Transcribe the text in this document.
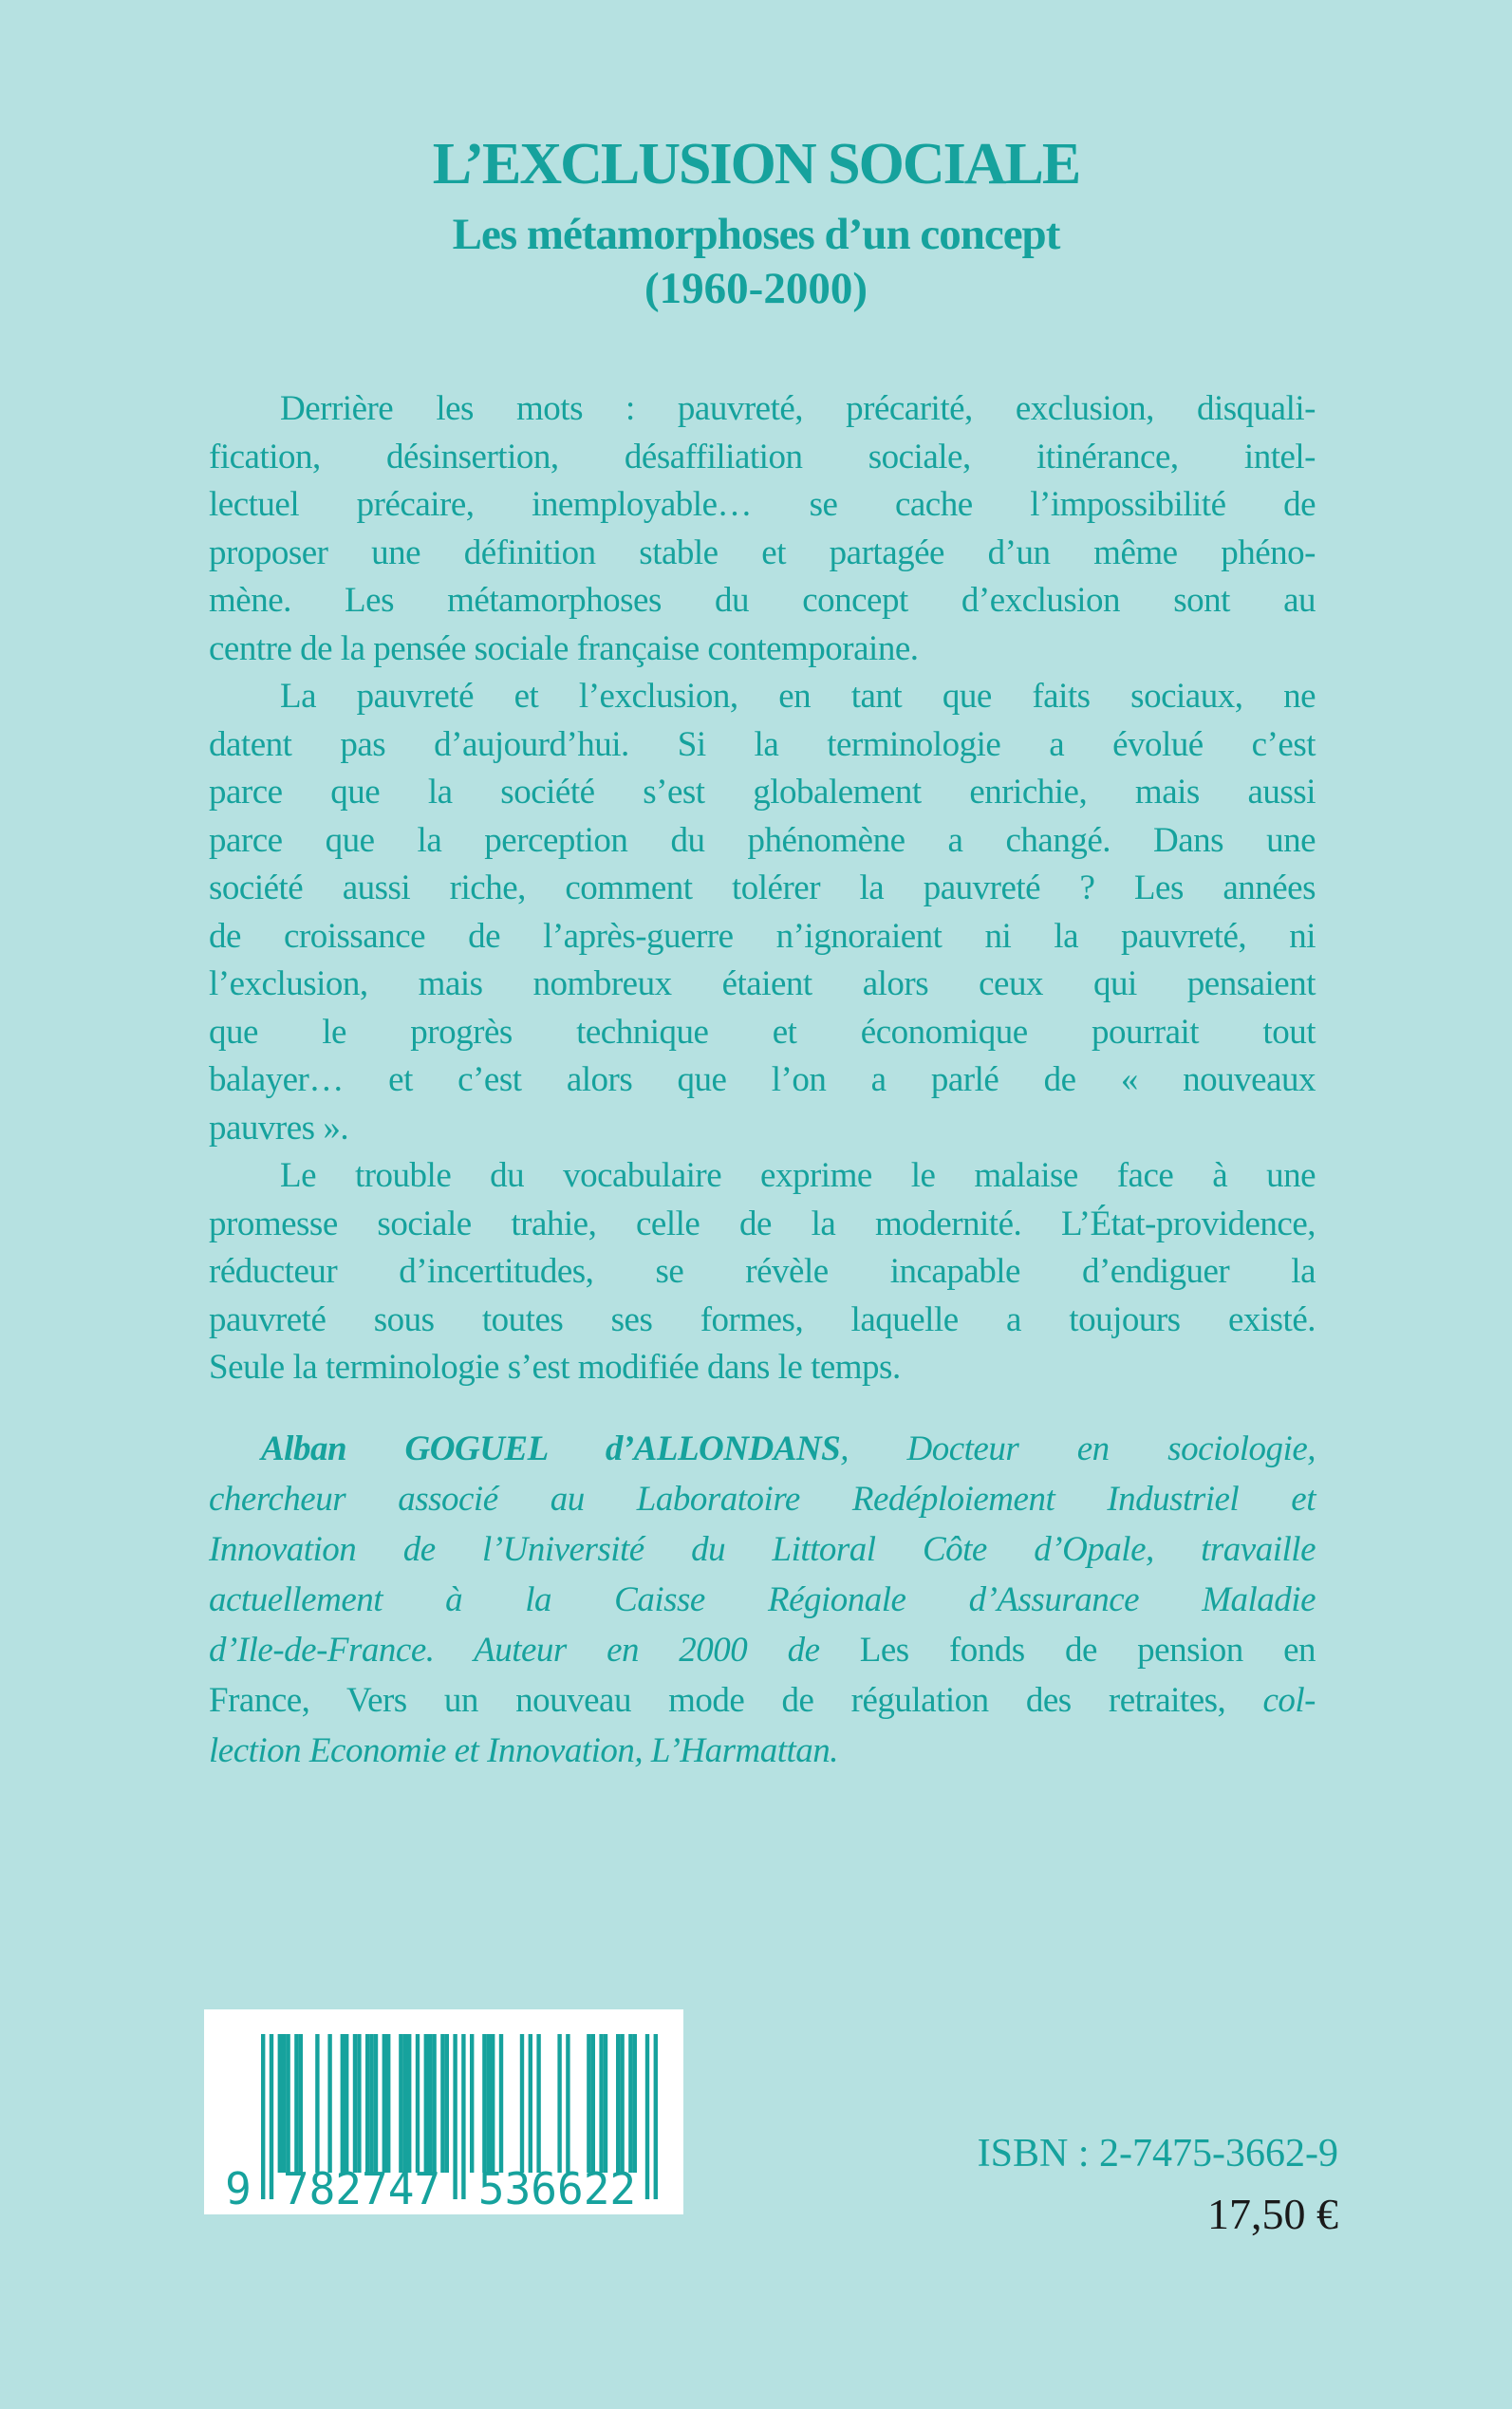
L’EXCLUSION SOCIALE
Les métamorphoses d’un concept
(1960-2000)
Derrière les mots : pauvreté, précarité, exclusion, disquali-
fication, désinsertion, désaffiliation sociale, itinérance, intel-
lectuel précaire, inemployable… se cache l’impossibilité de
proposer une définition stable et partagée d’un même phéno-
mène. Les métamorphoses du concept d’exclusion sont au
centre de la pensée sociale française contemporaine.
La pauvreté et l’exclusion, en tant que faits sociaux, ne
datent pas d’aujourd’hui. Si la terminologie a évolué c’est
parce que la société s’est globalement enrichie, mais aussi
parce que la perception du phénomène a changé. Dans une
société aussi riche, comment tolérer la pauvreté ? Les années
de croissance de l’après-guerre n’ignoraient ni la pauvreté, ni
l’exclusion, mais nombreux étaient alors ceux qui pensaient
que le progrès technique et économique pourrait tout
balayer… et c’est alors que l’on a parlé de « nouveaux
pauvres ».
Le trouble du vocabulaire exprime le malaise face à une
promesse sociale trahie, celle de la modernité. L’État-providence,
réducteur d’incertitudes, se révèle incapable d’endiguer la
pauvreté sous toutes ses formes, laquelle a toujours existé.
Seule la terminologie s’est modifiée dans le temps.
Alban GOGUEL d’ALLONDANS, Docteur en sociologie,
chercheur associé au Laboratoire Redéploiement Industriel et
Innovation de l’Université du Littoral Côte d’Opale, travaille
actuellement à la Caisse Régionale d’Assurance Maladie
d’Ile-de-France. Auteur en 2000 de Les fonds de pension en
France, Vers un nouveau mode de régulation des retraites, col-
lection Economie et Innovation, L’Harmattan.
9 782747 536622
ISBN : 2-7475-3662-9
17,50 €
